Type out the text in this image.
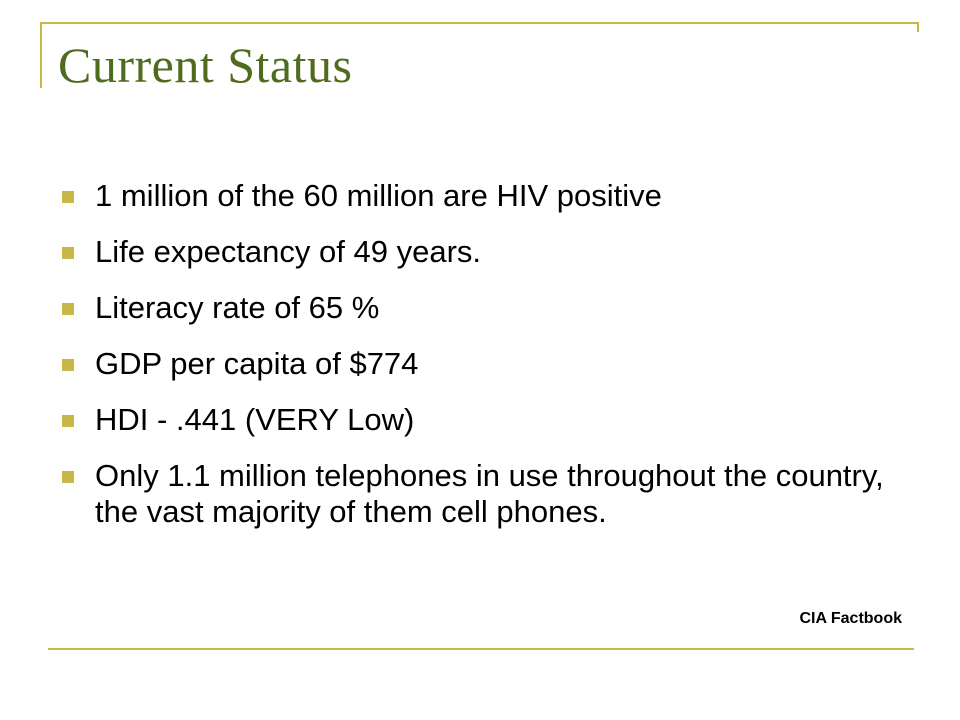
Current Status
1 million of the 60 million are HIV positive
Life expectancy of 49 years.
Literacy rate of 65 %
GDP per capita of $774
HDI - .441 (VERY Low)
Only 1.1 million telephones in use throughout the country, the vast majority of them cell phones.

CIA Factbook
